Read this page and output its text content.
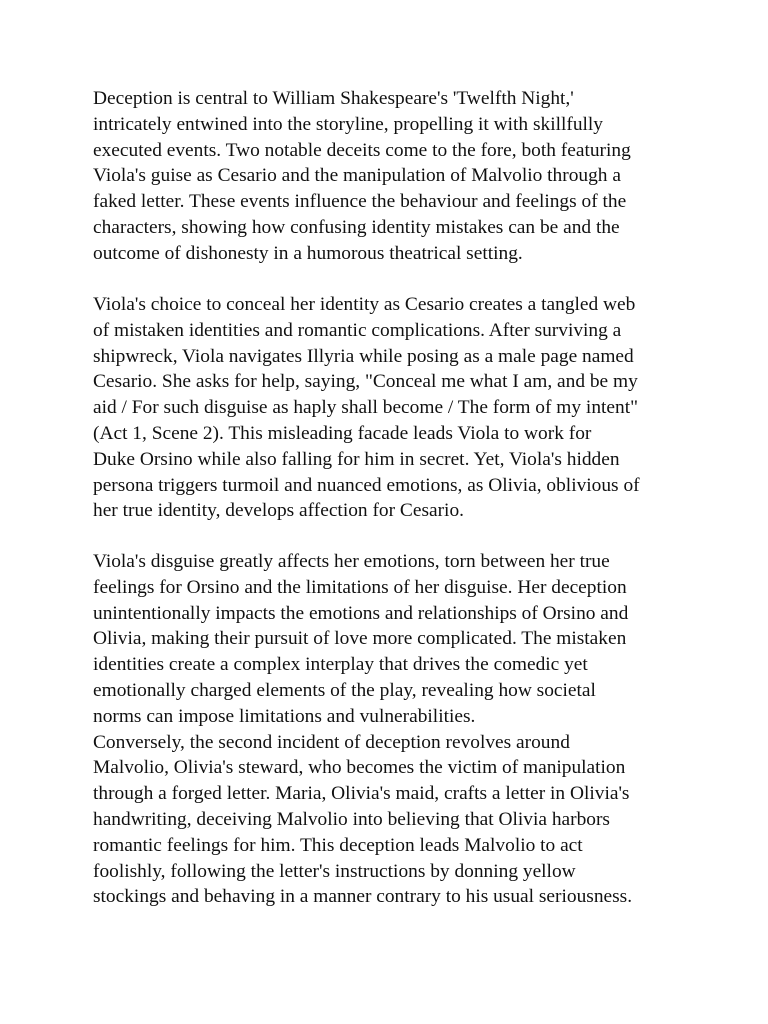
Deception is central to William Shakespeare's 'Twelfth Night,'
intricately entwined into the storyline, propelling it with skillfully
executed events. Two notable deceits come to the fore, both featuring
Viola's guise as Cesario and the manipulation of Malvolio through a
faked letter. These events influence the behaviour and feelings of the
characters, showing how confusing identity mistakes can be and the
outcome of dishonesty in a humorous theatrical setting.
Viola's choice to conceal her identity as Cesario creates a tangled web
of mistaken identities and romantic complications. After surviving a
shipwreck, Viola navigates Illyria while posing as a male page named
Cesario. She asks for help, saying, "Conceal me what I am, and be my
aid / For such disguise as haply shall become / The form of my intent"
(Act 1, Scene 2). This misleading facade leads Viola to work for
Duke Orsino while also falling for him in secret. Yet, Viola's hidden
persona triggers turmoil and nuanced emotions, as Olivia, oblivious of
her true identity, develops affection for Cesario.
Viola's disguise greatly affects her emotions, torn between her true
feelings for Orsino and the limitations of her disguise. Her deception
unintentionally impacts the emotions and relationships of Orsino and
Olivia, making their pursuit of love more complicated. The mistaken
identities create a complex interplay that drives the comedic yet
emotionally charged elements of the play, revealing how societal
norms can impose limitations and vulnerabilities.
Conversely, the second incident of deception revolves around
Malvolio, Olivia's steward, who becomes the victim of manipulation
through a forged letter. Maria, Olivia's maid, crafts a letter in Olivia's
handwriting, deceiving Malvolio into believing that Olivia harbors
romantic feelings for him. This deception leads Malvolio to act
foolishly, following the letter's instructions by donning yellow
stockings and behaving in a manner contrary to his usual seriousness.
